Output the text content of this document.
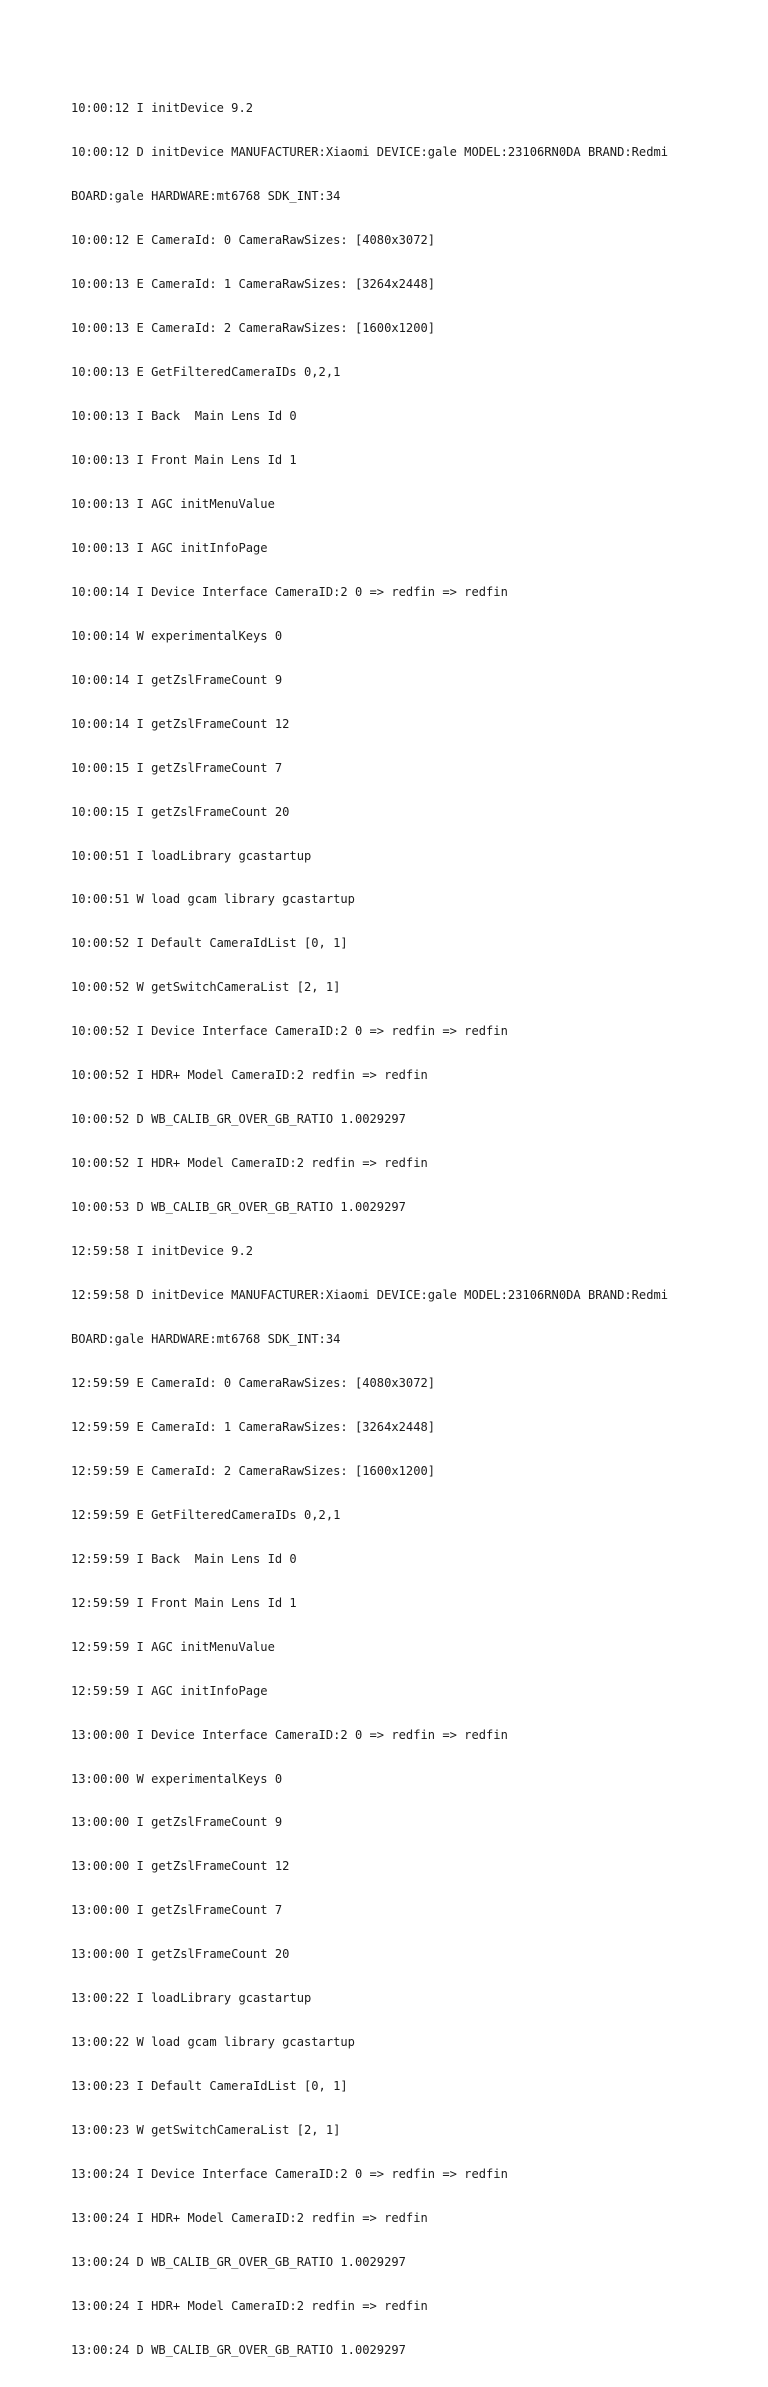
10:00:12 I initDevice 9.2

10:00:12 D initDevice MANUFACTURER:Xiaomi DEVICE:gale MODEL:23106RN0DA BRAND:Redmi

BOARD:gale HARDWARE:mt6768 SDK_INT:34

10:00:12 E CameraId: 0 CameraRawSizes: [4080x3072]

10:00:13 E CameraId: 1 CameraRawSizes: [3264x2448]

10:00:13 E CameraId: 2 CameraRawSizes: [1600x1200]

10:00:13 E GetFilteredCameraIDs 0,2,1

10:00:13 I Back  Main Lens Id 0

10:00:13 I Front Main Lens Id 1

10:00:13 I AGC initMenuValue

10:00:13 I AGC initInfoPage

10:00:14 I Device Interface CameraID:2 0 => redfin => redfin

10:00:14 W experimentalKeys 0

10:00:14 I getZslFrameCount 9

10:00:14 I getZslFrameCount 12

10:00:15 I getZslFrameCount 7

10:00:15 I getZslFrameCount 20

10:00:51 I loadLibrary gcastartup

10:00:51 W load gcam library gcastartup

10:00:52 I Default CameraIdList [0, 1]

10:00:52 W getSwitchCameraList [2, 1]

10:00:52 I Device Interface CameraID:2 0 => redfin => redfin

10:00:52 I HDR+ Model CameraID:2 redfin => redfin

10:00:52 D WB_CALIB_GR_OVER_GB_RATIO 1.0029297

10:00:52 I HDR+ Model CameraID:2 redfin => redfin

10:00:53 D WB_CALIB_GR_OVER_GB_RATIO 1.0029297

12:59:58 I initDevice 9.2

12:59:58 D initDevice MANUFACTURER:Xiaomi DEVICE:gale MODEL:23106RN0DA BRAND:Redmi

BOARD:gale HARDWARE:mt6768 SDK_INT:34

12:59:59 E CameraId: 0 CameraRawSizes: [4080x3072]

12:59:59 E CameraId: 1 CameraRawSizes: [3264x2448]

12:59:59 E CameraId: 2 CameraRawSizes: [1600x1200]

12:59:59 E GetFilteredCameraIDs 0,2,1

12:59:59 I Back  Main Lens Id 0

12:59:59 I Front Main Lens Id 1

12:59:59 I AGC initMenuValue

12:59:59 I AGC initInfoPage

13:00:00 I Device Interface CameraID:2 0 => redfin => redfin

13:00:00 W experimentalKeys 0

13:00:00 I getZslFrameCount 9

13:00:00 I getZslFrameCount 12

13:00:00 I getZslFrameCount 7

13:00:00 I getZslFrameCount 20

13:00:22 I loadLibrary gcastartup

13:00:22 W load gcam library gcastartup

13:00:23 I Default CameraIdList [0, 1]

13:00:23 W getSwitchCameraList [2, 1]

13:00:24 I Device Interface CameraID:2 0 => redfin => redfin

13:00:24 I HDR+ Model CameraID:2 redfin => redfin

13:00:24 D WB_CALIB_GR_OVER_GB_RATIO 1.0029297

13:00:24 I HDR+ Model CameraID:2 redfin => redfin

13:00:24 D WB_CALIB_GR_OVER_GB_RATIO 1.0029297
